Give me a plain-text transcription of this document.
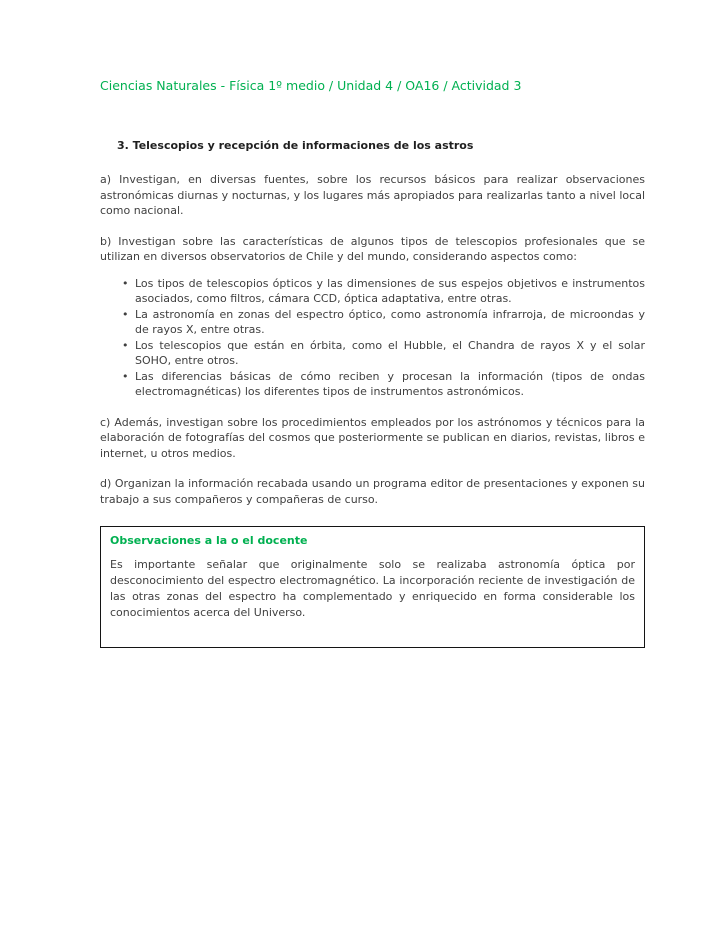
Ciencias Naturales - Física 1º medio / Unidad 4 / OA16 / Actividad 3
3. Telescopios y recepción de informaciones de los astros

a) Investigan, en diversas fuentes, sobre los recursos básicos para realizar observaciones astronómicas diurnas y nocturnas, y los lugares más apropiados para realizarlas tanto a nivel local como nacional.

b) Investigan sobre las características de algunos tipos de telescopios profesionales que se utilizan en diversos observatorios de Chile y del mundo, considerando aspectos como:

• Los tipos de telescopios ópticos y las dimensiones de sus espejos objetivos e instrumentos asociados, como filtros, cámara CCD, óptica adaptativa, entre otras.
• La astronomía en zonas del espectro óptico, como astronomía infrarroja, de microondas y de rayos X, entre otras.
• Los telescopios que están en órbita, como el Hubble, el Chandra de rayos X y el solar SOHO, entre otros.
• Las diferencias básicas de cómo reciben y procesan la información (tipos de ondas electromagnéticas) los diferentes tipos de instrumentos astronómicos.

c) Además, investigan sobre los procedimientos empleados por los astrónomos y técnicos para la elaboración de fotografías del cosmos que posteriormente se publican en diarios, revistas, libros e internet, u otros medios.

d) Organizan la información recabada usando un programa editor de presentaciones y exponen su trabajo a sus compañeros y compañeras de curso.

Observaciones a la o el docente

Es importante señalar que originalmente solo se realizaba astronomía óptica por desconocimiento del espectro electromagnético. La incorporación reciente de investigación de las otras zonas del espectro ha complementado y enriquecido en forma considerable los conocimientos acerca del Universo.
